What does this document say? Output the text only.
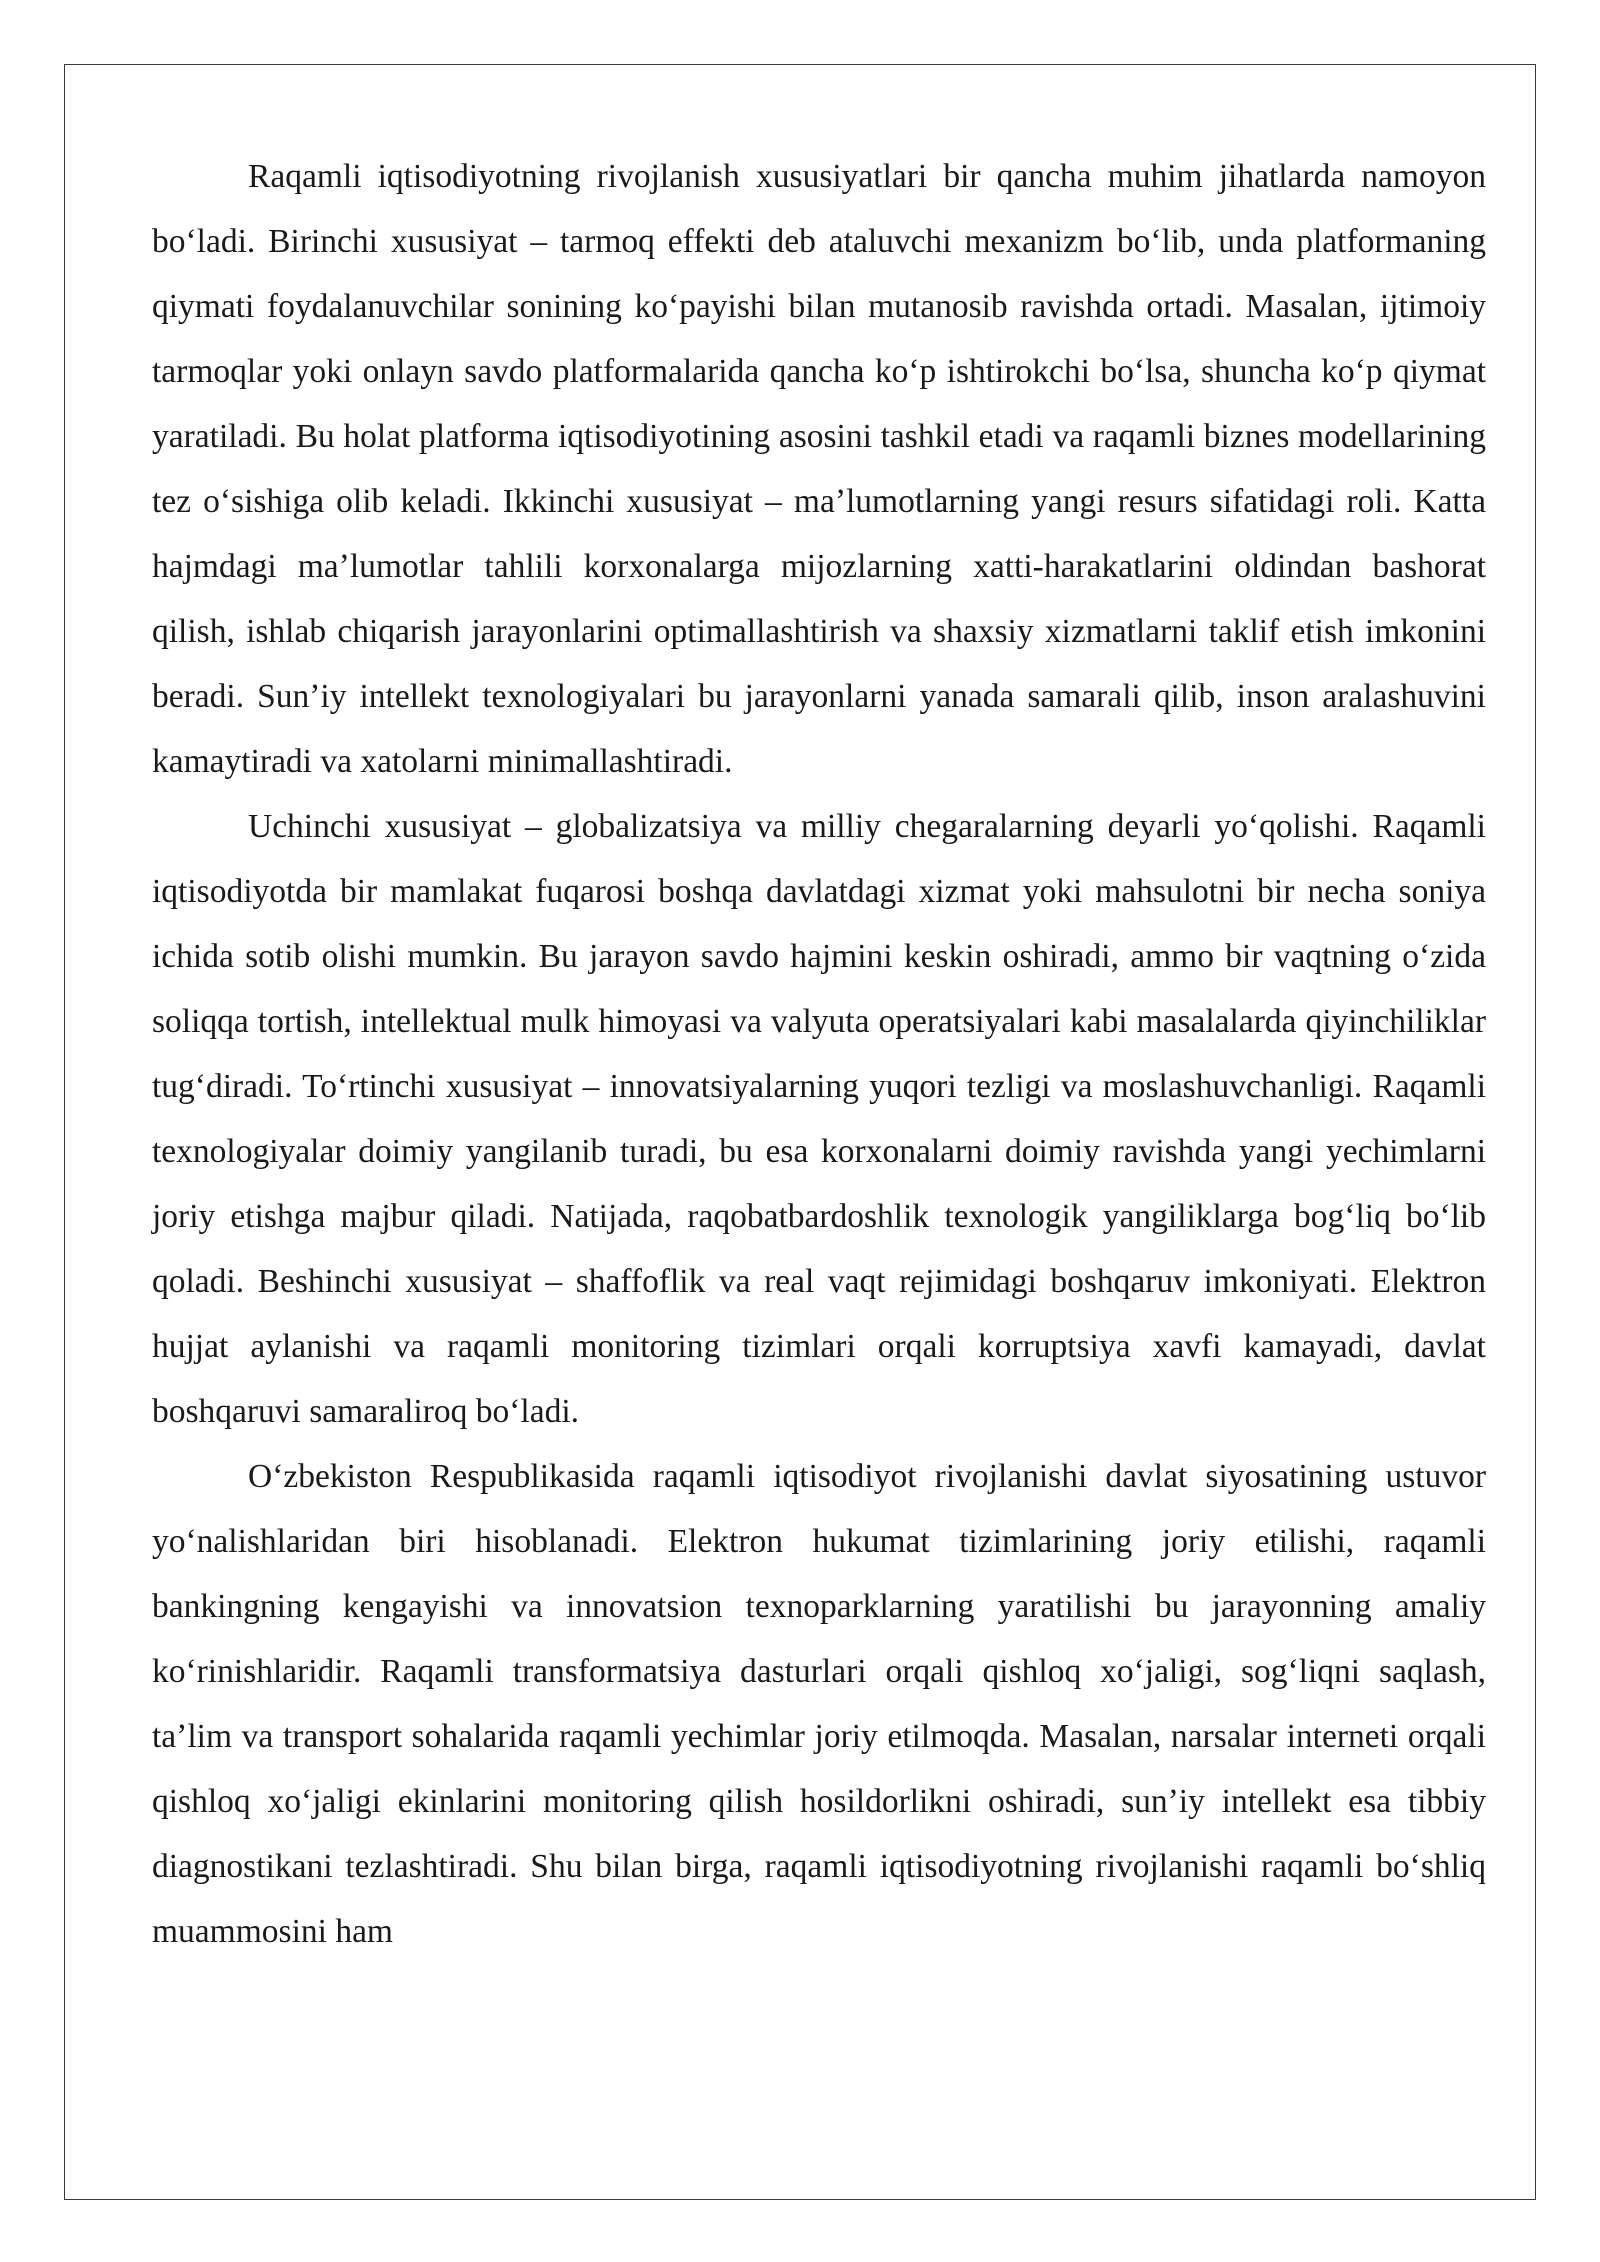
Raqamli iqtisodiyotning rivojlanish xususiyatlari bir qancha muhim jihatlarda namoyon boʻladi. Birinchi xususiyat – tarmoq effekti deb ataluvchi mexanizm boʻlib, unda platformaning qiymati foydalanuvchilar sonining koʻpayishi bilan mutanosib ravishda ortadi. Masalan, ijtimoiy tarmoqlar yoki onlayn savdo platformalarida qancha koʻp ishtirokchi boʻlsa, shuncha koʻp qiymat yaratiladi. Bu holat platforma iqtisodiyotining asosini tashkil etadi va raqamli biznes modellarining tez oʻsishiga olib keladi. Ikkinchi xususiyat – maʼlumotlarning yangi resurs sifatidagi roli. Katta hajmdagi maʼlumotlar tahlili korxonalarga mijozlarning xatti-harakatlarini oldindan bashorat qilish, ishlab chiqarish jarayonlarini optimallashtirish va shaxsiy xizmatlarni taklif etish imkonini beradi. Sunʼiy intellekt texnologiyalari bu jarayonlarni yanada samarali qilib, inson aralashuvini kamaytiradi va xatolarni minimallashtiradi.

Uchinchi xususiyat – globalizatsiya va milliy chegaralarning deyarli yoʻqolishi. Raqamli iqtisodiyotda bir mamlakat fuqarosi boshqa davlatdagi xizmat yoki mahsulotni bir necha soniya ichida sotib olishi mumkin. Bu jarayon savdo hajmini keskin oshiradi, ammo bir vaqtning oʻzida soliqqa tortish, intellektual mulk himoyasi va valyuta operatsiyalari kabi masalalarda qiyinchiliklar tugʻdiradi. Toʻrtinchi xususiyat – innovatsiyalarning yuqori tezligi va moslashuvchanligi. Raqamli texnologiyalar doimiy yangilanib turadi, bu esa korxonalarni doimiy ravishda yangi yechimlarni joriy etishga majbur qiladi. Natijada, raqobatbardoshlik texnologik yangiliklarga bogʻliq boʻlib qoladi. Beshinchi xususiyat – shaffoflik va real vaqt rejimidagi boshqaruv imkoniyati. Elektron hujjat aylanishi va raqamli monitoring tizimlari orqali korruptsiya xavfi kamayadi, davlat boshqaruvi samaraliroq boʻladi.

Oʻzbekiston Respublikasida raqamli iqtisodiyot rivojlanishi davlat siyosatining ustuvor yoʻnalishlaridan biri hisoblanadi. Elektron hukumat tizimlarining joriy etilishi, raqamli bankingning kengayishi va innovatsion texnoparklarning yaratilishi bu jarayonning amaliy koʻrinishlaridir. Raqamli transformatsiya dasturlari orqali qishloq xoʻjaligi, sogʻliqni saqlash, taʼlim va transport sohalarida raqamli yechimlar joriy etilmoqda. Masalan, narsalar interneti orqali qishloq xoʻjaligi ekinlarini monitoring qilish hosildorlikni oshiradi, sunʼiy intellekt esa tibbiy diagnostikani tezlashtiradi. Shu bilan birga, raqamli iqtisodiyotning rivojlanishi raqamli boʻshliq muammosini ham
